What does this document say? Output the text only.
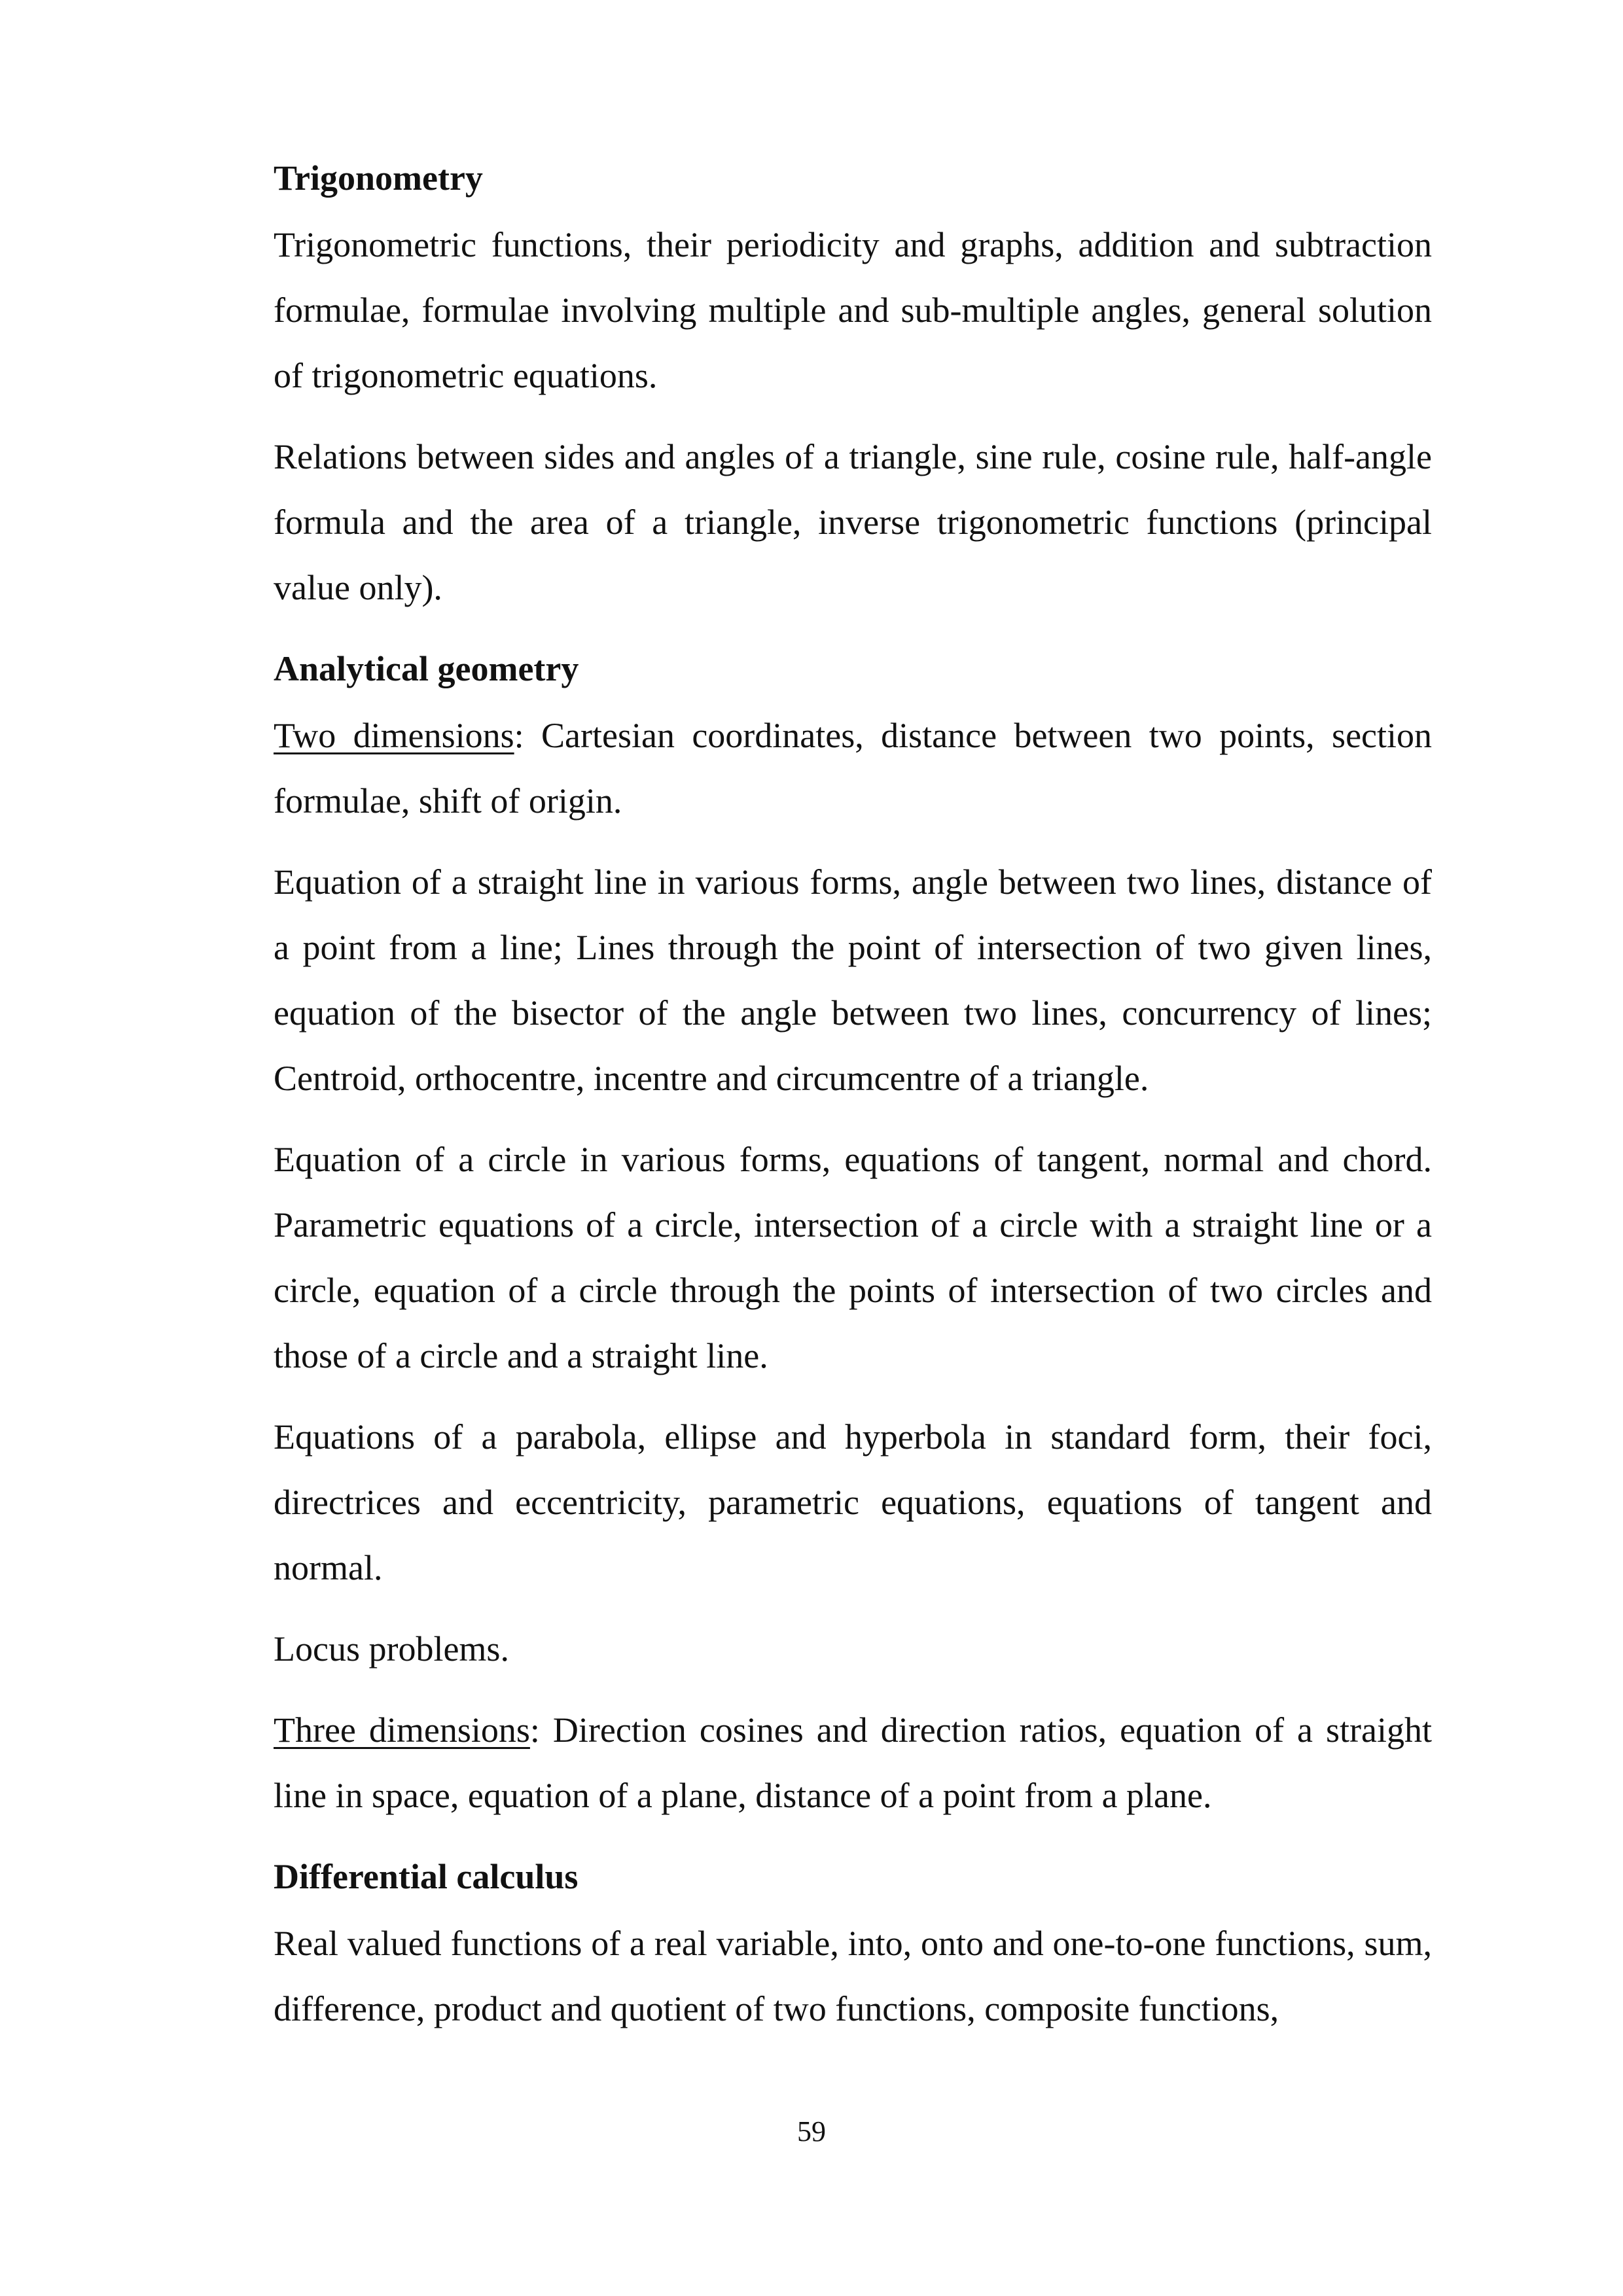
Trigonometry

Trigonometric functions, their periodicity and graphs, addition and subtraction formulae, formulae involving multiple and sub-multiple angles, general solution of trigonometric equations.

Relations between sides and angles of a triangle, sine rule, cosine rule, half-angle formula and the area of a triangle, inverse trigonometric functions (principal value only).

Analytical geometry

Two dimensions: Cartesian coordinates, distance between two points, section formulae, shift of origin.

Equation of a straight line in various forms, angle between two lines, distance of a point from a line; Lines through the point of intersection of two given lines, equation of the bisector of the angle between two lines, concurrency of lines; Centroid, orthocentre, incentre and circumcentre of a triangle.

Equation of a circle in various forms, equations of tangent, normal and chord. Parametric equations of a circle, intersection of a circle with a straight line or a circle, equation of a circle through the points of intersection of two circles and those of a circle and a straight line.

Equations of a parabola, ellipse and hyperbola in standard form, their foci, directrices and eccentricity, parametric equations, equations of tangent and normal.

Locus problems.

Three dimensions: Direction cosines and direction ratios, equation of a straight line in space, equation of a plane, distance of a point from a plane.

Differential calculus

Real valued functions of a real variable, into, onto and one-to-one functions, sum, difference, product and quotient of two functions, composite functions,

59
